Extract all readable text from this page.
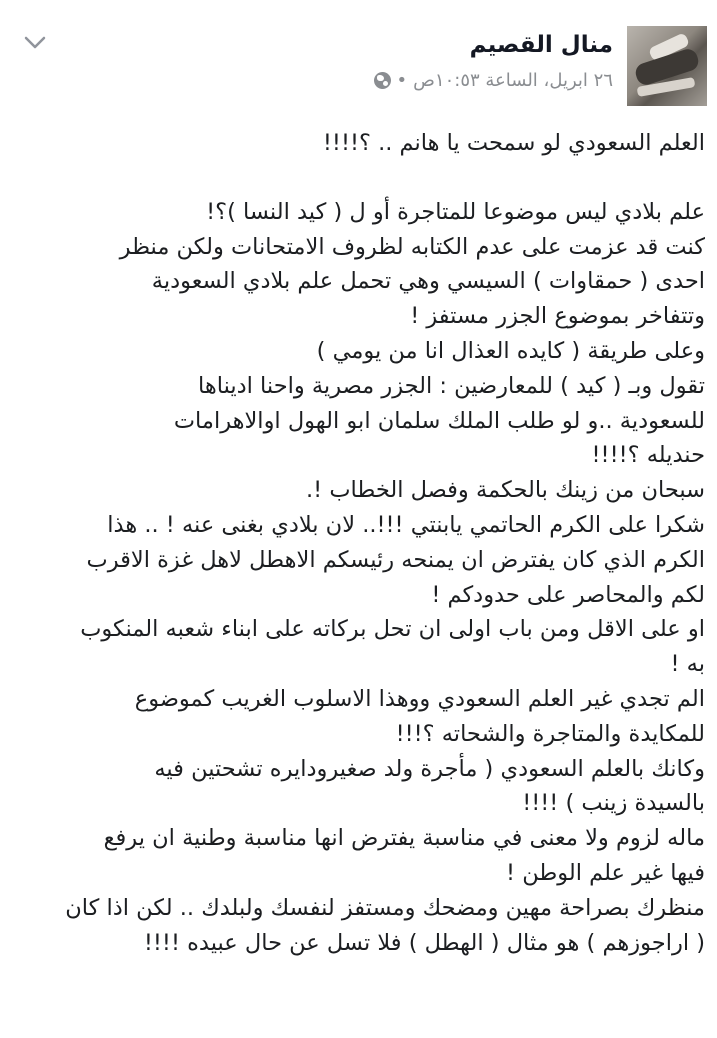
منال القصيم
٢٦ ابريل، الساعة ١٠:٥٣ص
•
العلم السعودي لو سمحت يا هانم .. ؟!!!!
علم بلادي ليس موضوعا للمتاجرة أو ل ( كيد النسا )؟!
كنت قد عزمت على عدم الكتابه لظروف الامتحانات ولكن منظر
احدى ( حمقاوات ) السيسي وهي تحمل علم بلادي السعودية
وتتفاخر بموضوع الجزر مستفز !
وعلى طريقة ( كايده العذال انا من يومي )
تقول وبـ ( كيد ) للمعارضين : الجزر مصرية واحنا اديناها
للسعودية ..و لو طلب الملك سلمان ابو الهول اوالاهرامات
حنديله ؟!!!!
سبحان من زينك بالحكمة وفصل الخطاب !.
شكرا على الكرم الحاتمي يابنتي !!!.. لان بلادي بغنى عنه ! .. هذا
الكرم الذي كان يفترض ان يمنحه رئيسكم الاهطل لاهل غزة الاقرب
لكم والمحاصر على حدودكم !
او على الاقل ومن باب اولى ان تحل بركاته على ابناء شعبه المنكوب
به !
الم تجدي غير العلم السعودي ووهذا الاسلوب الغريب كموضوع
للمكايدة والمتاجرة والشحاته ؟!!!
وكانك بالعلم السعودي ( مأجرة ولد صغيرودايره تشحتين فيه
بالسيدة زينب ) !!!!
ماله لزوم ولا معنى في مناسبة يفترض انها مناسبة وطنية ان يرفع
فيها غير علم الوطن !
منظرك بصراحة مهين ومضحك ومستفز لنفسك ولبلدك .. لكن اذا كان
( اراجوزهم ) هو مثال ( الهطل ) فلا تسل عن حال عبيده !!!!
